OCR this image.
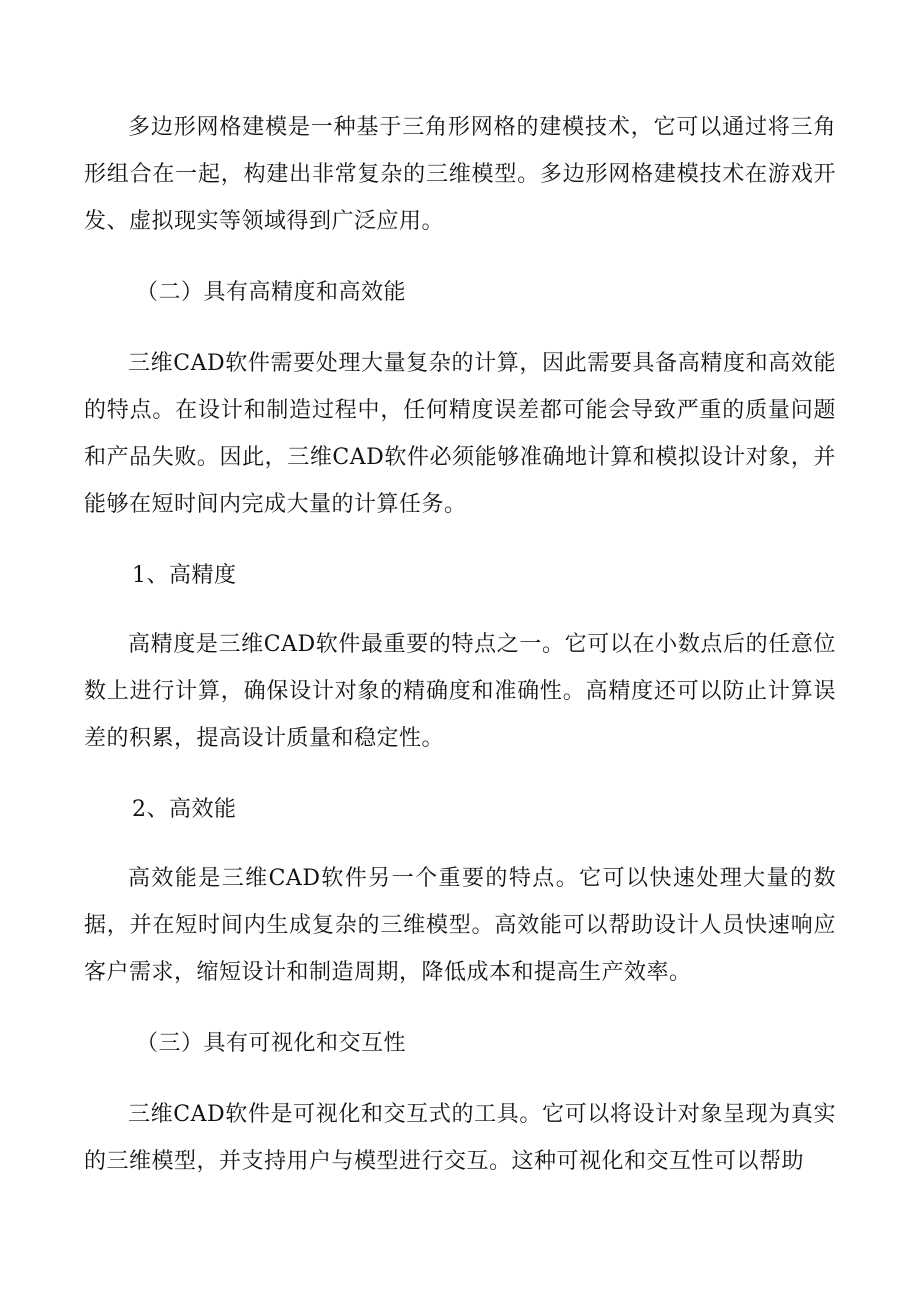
多边形网格建模是一种基于三角形网格的建模技术，它可以通过将三角形组合在一起，构建出非常复杂的三维模型。多边形网格建模技术在游戏开发、虚拟现实等领域得到广泛应用。

（二）具有高精度和高效能

三维CAD软件需要处理大量复杂的计算，因此需要具备高精度和高效能的特点。在设计和制造过程中，任何精度误差都可能会导致严重的质量问题和产品失败。因此，三维CAD软件必须能够准确地计算和模拟设计对象，并能够在短时间内完成大量的计算任务。

1、高精度

高精度是三维CAD软件最重要的特点之一。它可以在小数点后的任意位数上进行计算，确保设计对象的精确度和准确性。高精度还可以防止计算误差的积累，提高设计质量和稳定性。

2、高效能

高效能是三维CAD软件另一个重要的特点。它可以快速处理大量的数据，并在短时间内生成复杂的三维模型。高效能可以帮助设计人员快速响应客户需求，缩短设计和制造周期，降低成本和提高生产效率。

（三）具有可视化和交互性

三维CAD软件是可视化和交互式的工具。它可以将设计对象呈现为真实的三维模型，并支持用户与模型进行交互。这种可视化和交互性可以帮助
